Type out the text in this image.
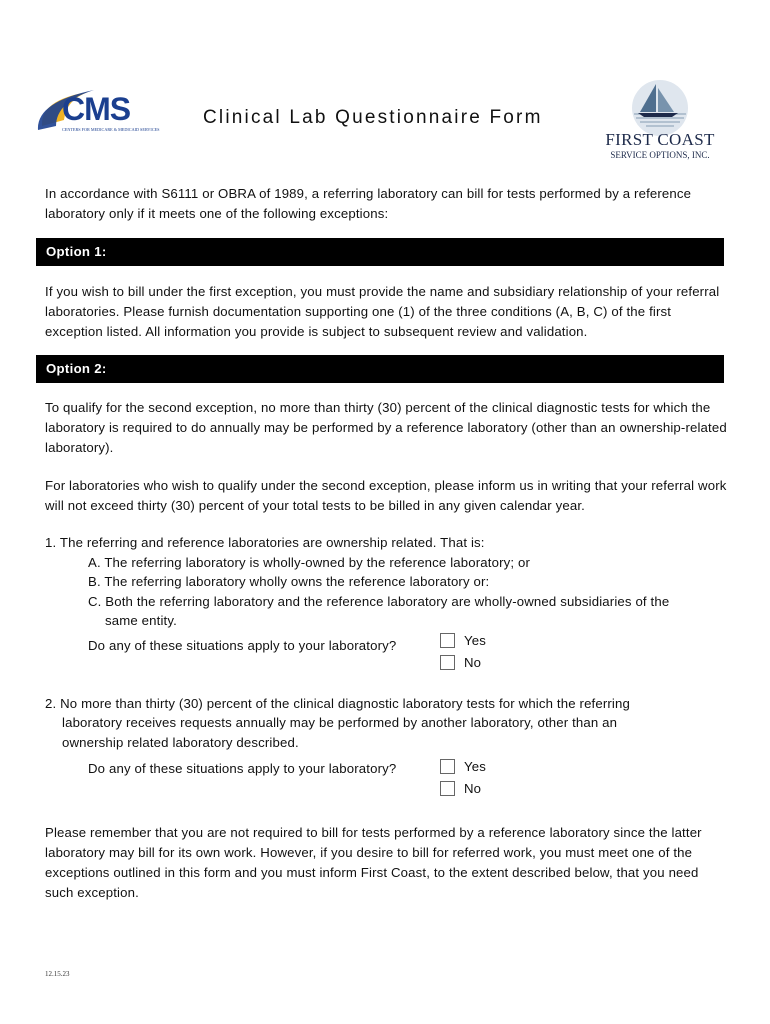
CMS
CENTERS FOR MEDICARE & MEDICAID SERVICES
Clinical Lab Questionnaire Form
FIRST COAST
SERVICE OPTIONS, INC.
In accordance with S6111 or OBRA of 1989, a referring laboratory can bill for tests performed by a reference laboratory only if it meets one of the following exceptions:
Option 1:
If you wish to bill under the first exception, you must provide the name and subsidiary relationship of your referral laboratories. Please furnish documentation supporting one (1) of the three conditions (A, B, C) of the first exception listed. All information you provide is subject to subsequent review and validation.
Option 2:
To qualify for the second exception, no more than thirty (30) percent of the clinical diagnostic tests for which the laboratory is required to do annually may be performed by a reference laboratory (other than an ownership-related laboratory).
For laboratories who wish to qualify under the second exception, please inform us in writing that your referral work will not exceed thirty (30) percent of your total tests to be billed in any given calendar year.
1. The referring and reference laboratories are ownership related. That is:
A. The referring laboratory is wholly-owned by the reference laboratory; or
B. The referring laboratory wholly owns the reference laboratory or:
C. Both the referring laboratory and the reference laboratory are wholly-owned subsidiaries of the
same entity.
Do any of these situations apply to your laboratory?	Yes
No
2. No more than thirty (30) percent of the clinical diagnostic laboratory tests for which the referring
laboratory receives requests annually may be performed by another laboratory, other than an
ownership related laboratory described.
Do any of these situations apply to your laboratory?	Yes
No
Please remember that you are not required to bill for tests performed by a reference laboratory since the latter laboratory may bill for its own work. However, if you desire to bill for referred work, you must meet one of the exceptions outlined in this form and you must inform First Coast, to the extent described below, that you need such exception.
12.15.23
